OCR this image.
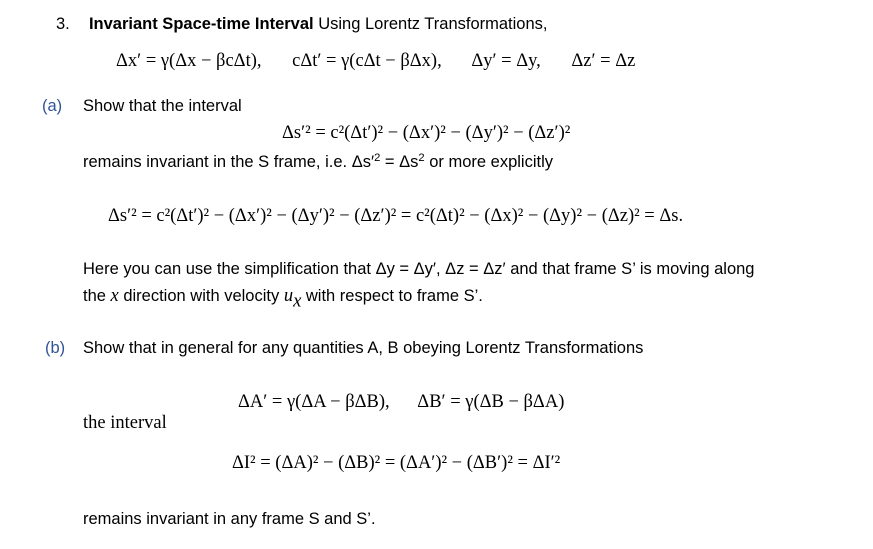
3. Invariant Space-time Interval Using Lorentz Transformations,
Δx′ = γ(Δx − βcΔt), cΔt′ = γ(cΔt − βΔx), Δy′ = Δy, Δz′ = Δz
(a) Show that the interval
Δs′² = c²(Δt′)² − (Δx′)² − (Δy′)² − (Δz′)²
remains invariant in the S frame, i.e. $\Delta s'^2 = \Delta s^2$ or more explicitly
Δs′² = c²(Δt′)² − (Δx′)² − (Δy′)² − (Δz′)² = c²(Δt)² − (Δx)² − (Δy)² − (Δz)² = Δs.
Here you can use the simplification that Δy = Δy′, Δz = Δz′ and that frame S’ is moving along
the x direction with velocity $u_x$ with respect to frame S’.
(b) Show that in general for any quantities A, B obeying Lorentz Transformations
ΔA′ = γ(ΔA − βΔB), ΔB′ = γ(ΔB − βΔA)
the interval
ΔI² = (ΔA)² − (ΔB)² = (ΔA′)² − (ΔB′)² = ΔI′²
remains invariant in any frame S and S’.
